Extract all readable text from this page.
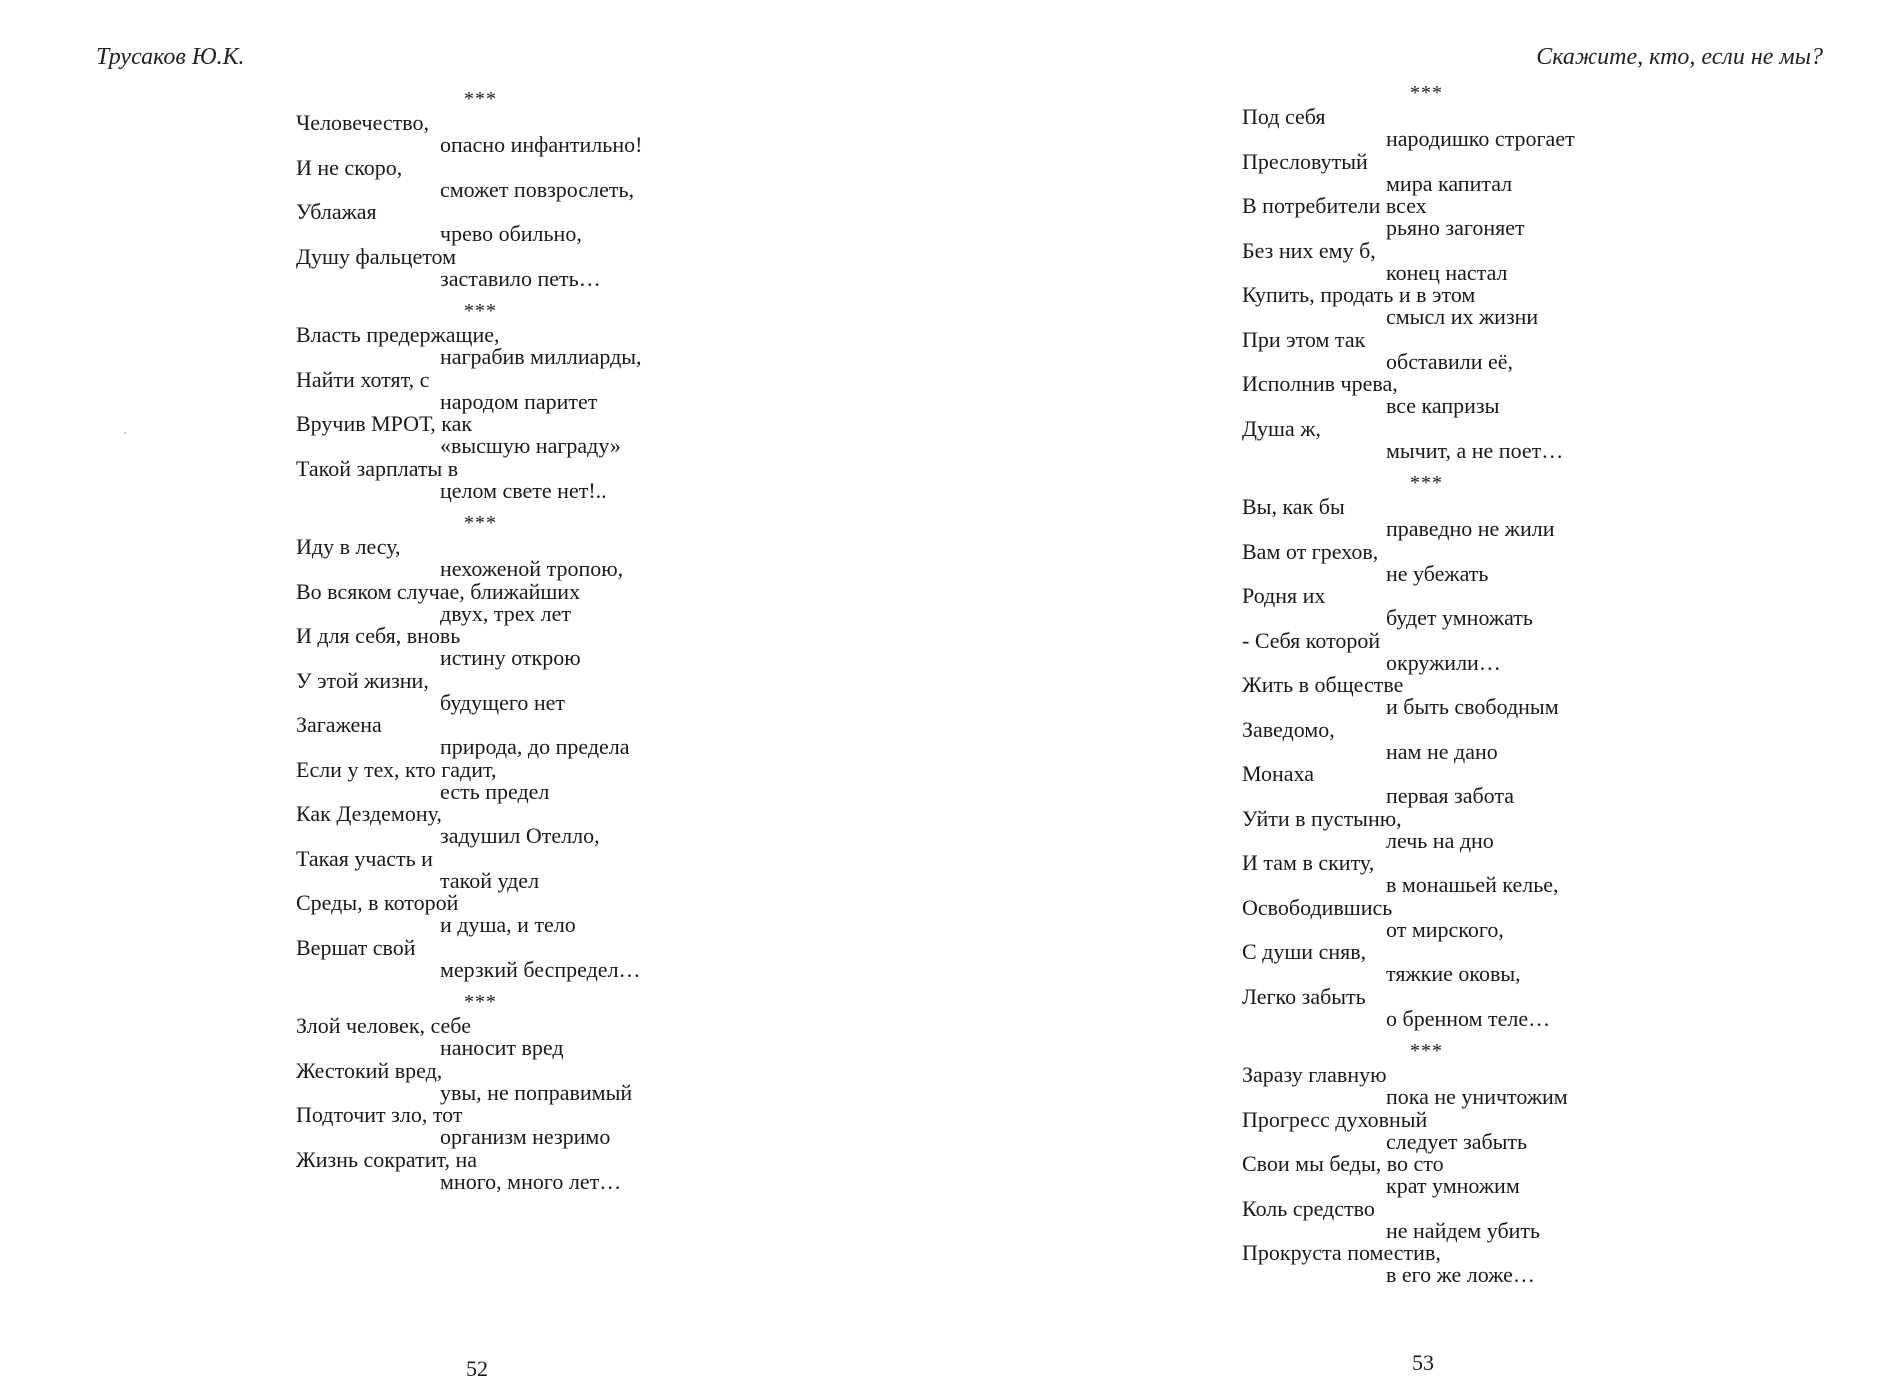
Трусаков Ю.К.
***
Человечество,
опасно инфантильно!
И не скоро,
сможет повзрослеть,
Ублажая
чрево обильно,
Душу фальцетом
заставило петь…
***
Власть предержащие,
награбив миллиарды,
Найти хотят, с
народом паритет
Вручив МРОТ, как
«высшую награду»
Такой зарплаты в
целом свете нет!..
***
Иду в лесу,
нехоженой тропою,
Во всяком случае, ближайших
двух, трех лет
И для себя, вновь
истину открою
У этой жизни,
будущего нет
Загажена
природа, до предела
Если у тех, кто гадит,
есть предел
Как Дездемону,
задушил Отелло,
Такая участь и
такой удел
Среды, в которой
и душа, и тело
Вершат свой
мерзкий беспредел…
***
Злой человек, себе
наносит вред
Жестокий вред,
увы, не поправимый
Подточит зло, тот
организм незримо
Жизнь сократит, на
много, много лет…
52
Скажите, кто, если не мы?
***
Под себя
народишко строгает
Пресловутый
мира капитал
В потребители всех
рьяно загоняет
Без них ему б,
конец настал
Купить, продать и в этом
смысл их жизни
При этом так
обставили её,
Исполнив чрева,
все капризы
Душа ж,
мычит, а не поет…
***
Вы, как бы
праведно не жили
Вам от грехов,
не убежать
Родня их
будет умножать
- Себя которой
окружили…
Жить в обществе
и быть свободным
Заведомо,
нам не дано
Монаха
первая забота
Уйти в пустыню,
лечь на дно
И там в скиту,
в монашьей келье,
Освободившись
от мирского,
С души сняв,
тяжкие оковы,
Легко забыть
о бренном теле…
***
Заразу главную
пока не уничтожим
Прогресс духовный
следует забыть
Свои мы беды, во сто
крат умножим
Коль средство
не найдем убить
Прокруста поместив,
в его же ложе…
53
